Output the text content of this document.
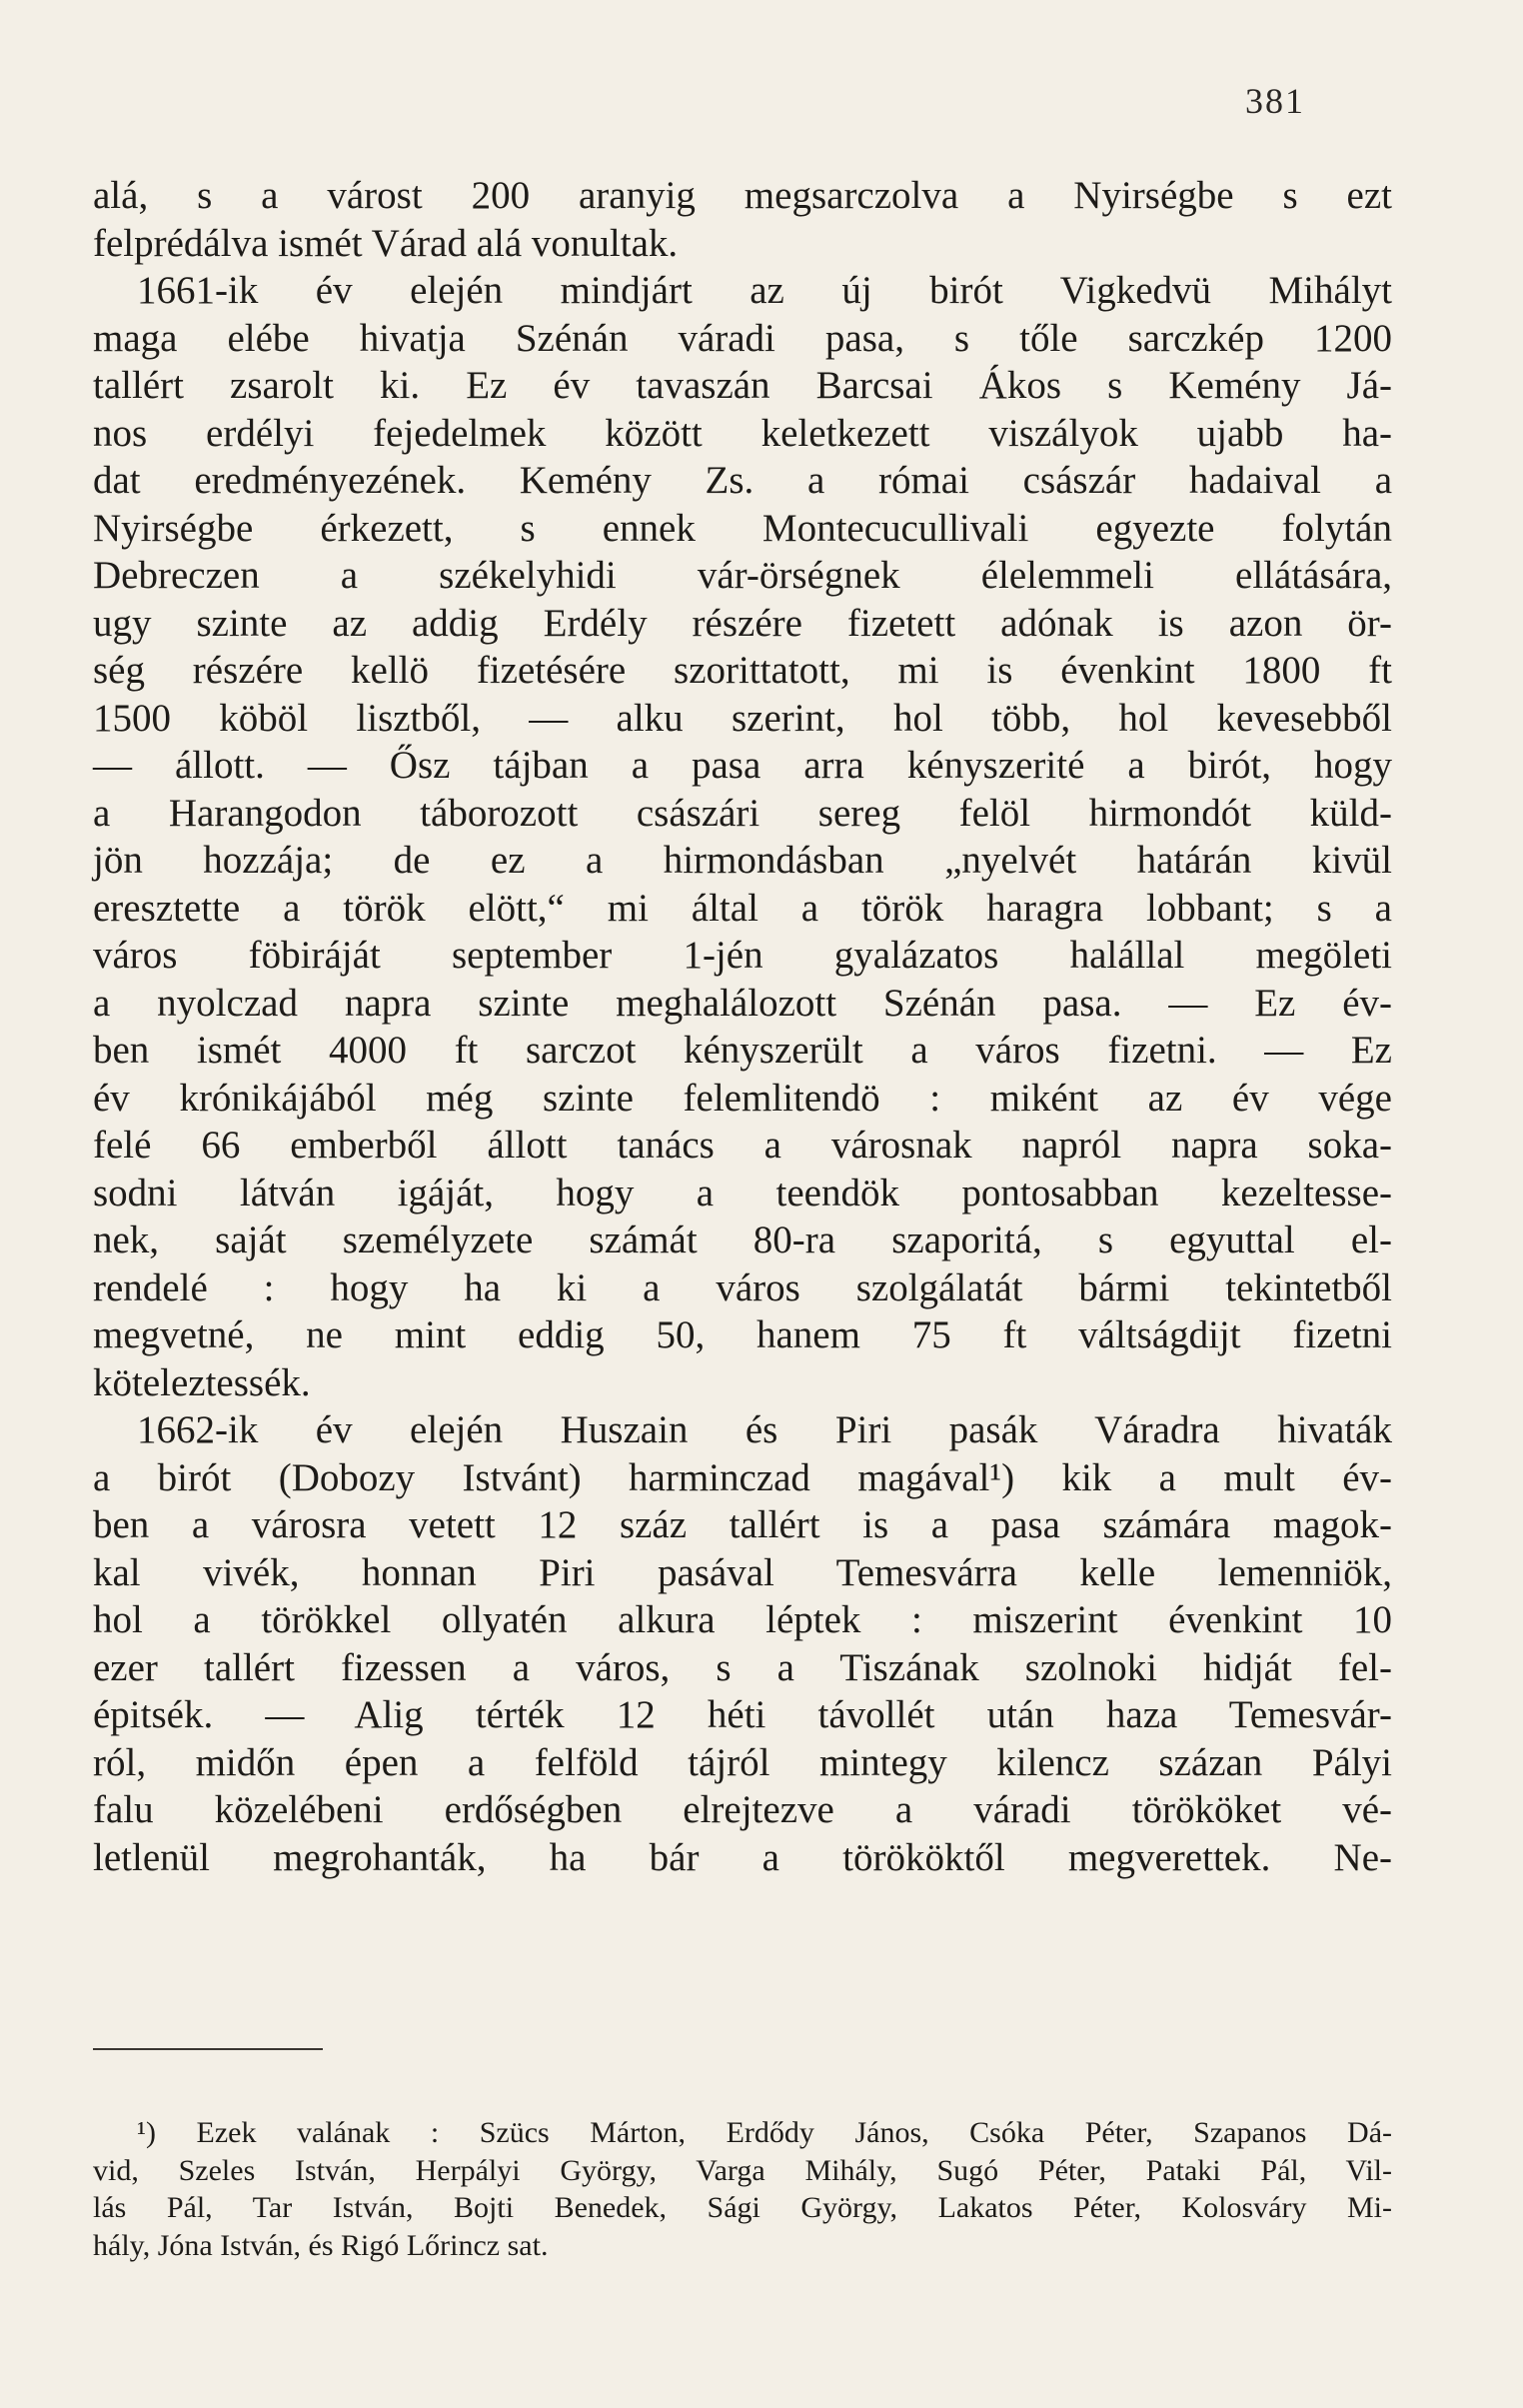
381
alá, s a várost 200 aranyig megsarczolva a Nyirségbe s ezt
felprédálva ismét Várad alá vonultak.
1661-ik év elején mindjárt az új birót Vigkedvü Mihályt
maga elébe hivatja Szénán váradi pasa, s tőle sarczkép 1200
tallért zsarolt ki. Ez év tavaszán Barcsai Ákos s Kemény Já-
nos erdélyi fejedelmek között keletkezett viszályok ujabb ha-
dat eredményezének. Kemény Zs. a római császár hadaival a
Nyirségbe érkezett, s ennek Montecucullivali egyezte folytán
Debreczen a székelyhidi vár-örségnek élelemmeli ellátására,
ugy szinte az addig Erdély részére fizetett adónak is azon ör-
ség részére kellö fizetésére szorittatott, mi is évenkint 1800 ft
1500 köböl lisztből, — alku szerint, hol több, hol kevesebből
— állott. — Ősz tájban a pasa arra kényszerité a birót, hogy
a Harangodon táborozott császári sereg felöl hirmondót küld-
jön hozzája; de ez a hirmondásban „nyelvét határán kivül
eresztette a török elött,“ mi által a török haragra lobbant; s a
város föbiráját september 1-jén gyalázatos halállal megöleti
a nyolczad napra szinte meghalálozott Szénán pasa. — Ez év-
ben ismét 4000 ft sarczot kényszerült a város fizetni. — Ez
év krónikájából még szinte felemlitendö : miként az év vége
felé 66 emberből állott tanács a városnak napról napra soka-
sodni látván igáját, hogy a teendök pontosabban kezeltesse-
nek, saját személyzete számát 80-ra szaporitá, s egyuttal el-
rendelé : hogy ha ki a város szolgálatát bármi tekintetből
megvetné, ne mint eddig 50, hanem 75 ft váltságdijt fizetni
köteleztessék.
1662-ik év elején Huszain és Piri pasák Váradra hivaták
a birót (Dobozy Istvánt) harminczad magával¹) kik a mult év-
ben a városra vetett 12 száz tallért is a pasa számára magok-
kal vivék, honnan Piri pasával Temesvárra kelle lemenniök,
hol a törökkel ollyatén alkura léptek : miszerint évenkint 10
ezer tallért fizessen a város, s a Tiszának szolnoki hidját fel-
épitsék. — Alig térték 12 héti távollét után haza Temesvár-
ról, midőn épen a felföld tájról mintegy kilencz százan Pályi
falu közelébeni erdőségben elrejtezve a váradi törököket vé-
letlenül megrohanták, ha bár a törököktől megverettek. Ne-
¹) Ezek valának : Szücs Márton, Erdődy János, Csóka Péter, Szapanos Dá-
vid, Szeles István, Herpályi György, Varga Mihály, Sugó Péter, Pataki Pál, Vil-
lás Pál, Tar István, Bojti Benedek, Sági György, Lakatos Péter, Kolosváry Mi-
hály, Jóna István, és Rigó Lőrincz sat.
